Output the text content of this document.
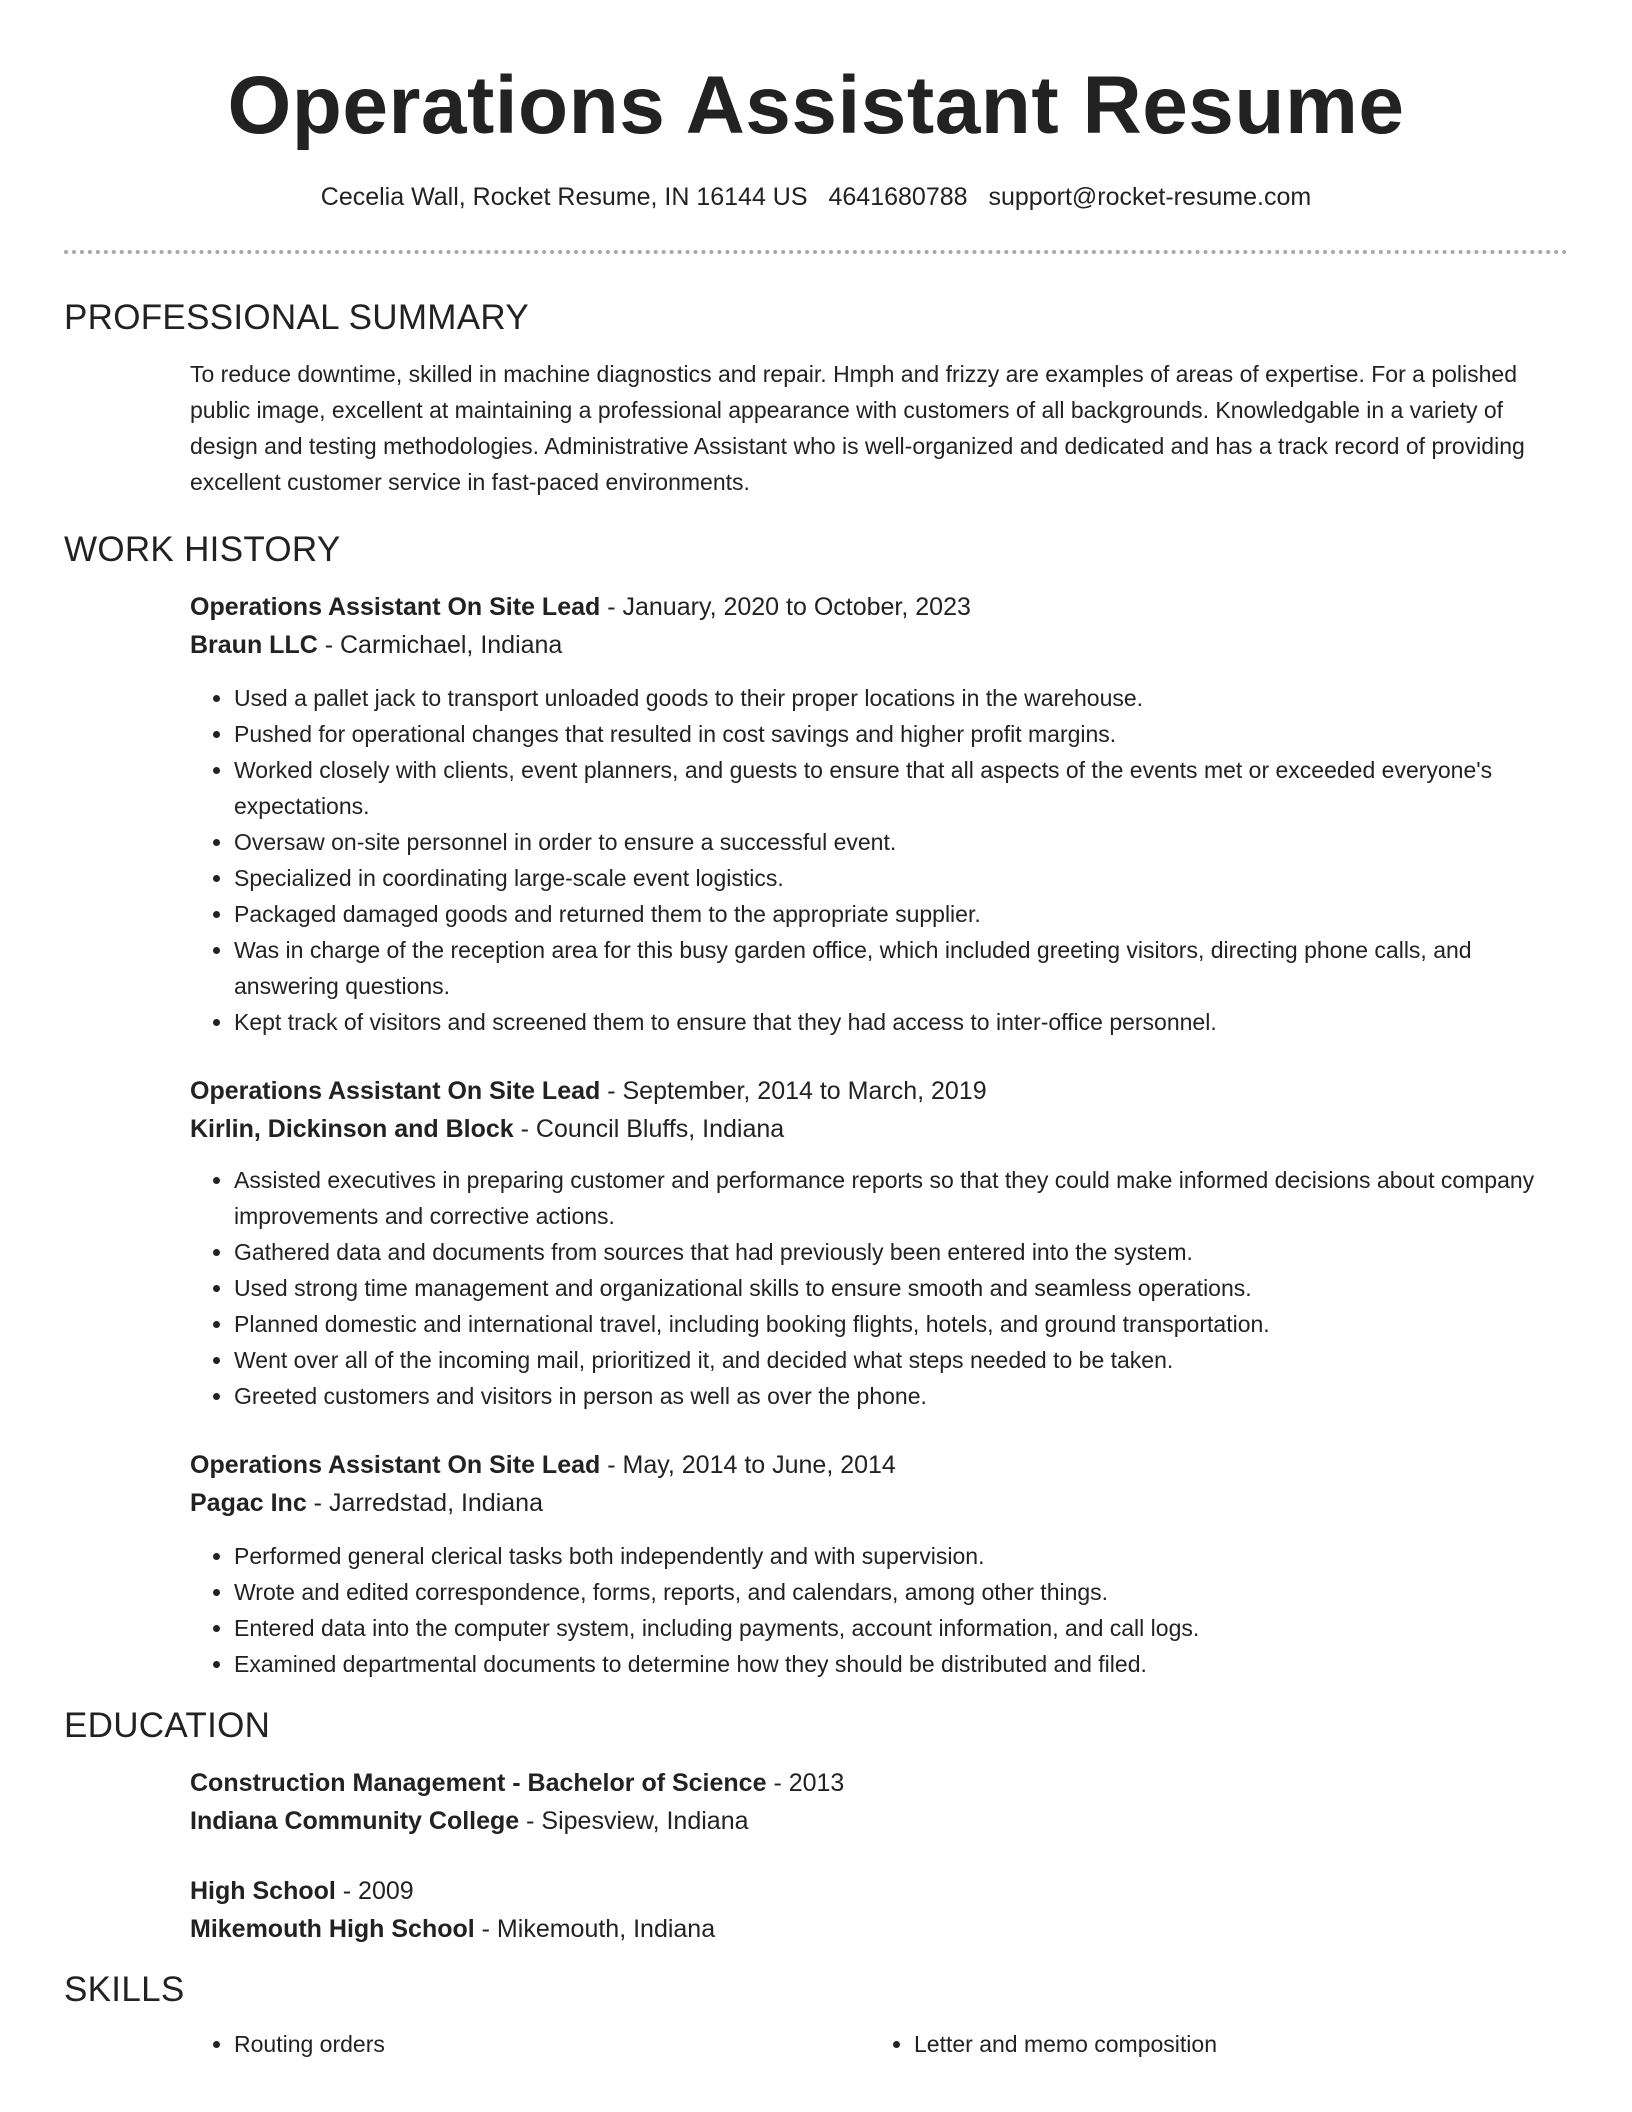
Operations Assistant Resume
Cecelia Wall, Rocket Resume, IN 16144 US 4641680788 support@rocket-resume.com
PROFESSIONAL SUMMARY

To reduce downtime, skilled in machine diagnostics and repair. Hmph and frizzy are examples of areas of expertise. For a polished public image, excellent at maintaining a professional appearance with customers of all backgrounds. Knowledgable in a variety of design and testing methodologies. Administrative Assistant who is well-organized and dedicated and has a track record of providing excellent customer service in fast-paced environments.

WORK HISTORY
Operations Assistant On Site Lead - January, 2020 to October, 2023
Braun LLC - Carmichael, Indiana
• Used a pallet jack to transport unloaded goods to their proper locations in the warehouse.
• Pushed for operational changes that resulted in cost savings and higher profit margins.
• Worked closely with clients, event planners, and guests to ensure that all aspects of the events met or exceeded everyone's expectations.
• Oversaw on-site personnel in order to ensure a successful event.
• Specialized in coordinating large-scale event logistics.
• Packaged damaged goods and returned them to the appropriate supplier.
• Was in charge of the reception area for this busy garden office, which included greeting visitors, directing phone calls, and answering questions.
• Kept track of visitors and screened them to ensure that they had access to inter-office personnel.
Operations Assistant On Site Lead - September, 2014 to March, 2019
Kirlin, Dickinson and Block - Council Bluffs, Indiana
• Assisted executives in preparing customer and performance reports so that they could make informed decisions about company improvements and corrective actions.
• Gathered data and documents from sources that had previously been entered into the system.
• Used strong time management and organizational skills to ensure smooth and seamless operations.
• Planned domestic and international travel, including booking flights, hotels, and ground transportation.
• Went over all of the incoming mail, prioritized it, and decided what steps needed to be taken.
• Greeted customers and visitors in person as well as over the phone.
Operations Assistant On Site Lead - May, 2014 to June, 2014
Pagac Inc - Jarredstad, Indiana
• Performed general clerical tasks both independently and with supervision.
• Wrote and edited correspondence, forms, reports, and calendars, among other things.
• Entered data into the computer system, including payments, account information, and call logs.
• Examined departmental documents to determine how they should be distributed and filed.
EDUCATION
Construction Management - Bachelor of Science - 2013
Indiana Community College - Sipesview, Indiana
High School - 2009
Mikemouth High School - Mikemouth, Indiana
SKILLS
• Routing orders
•	Letter and memo composition
